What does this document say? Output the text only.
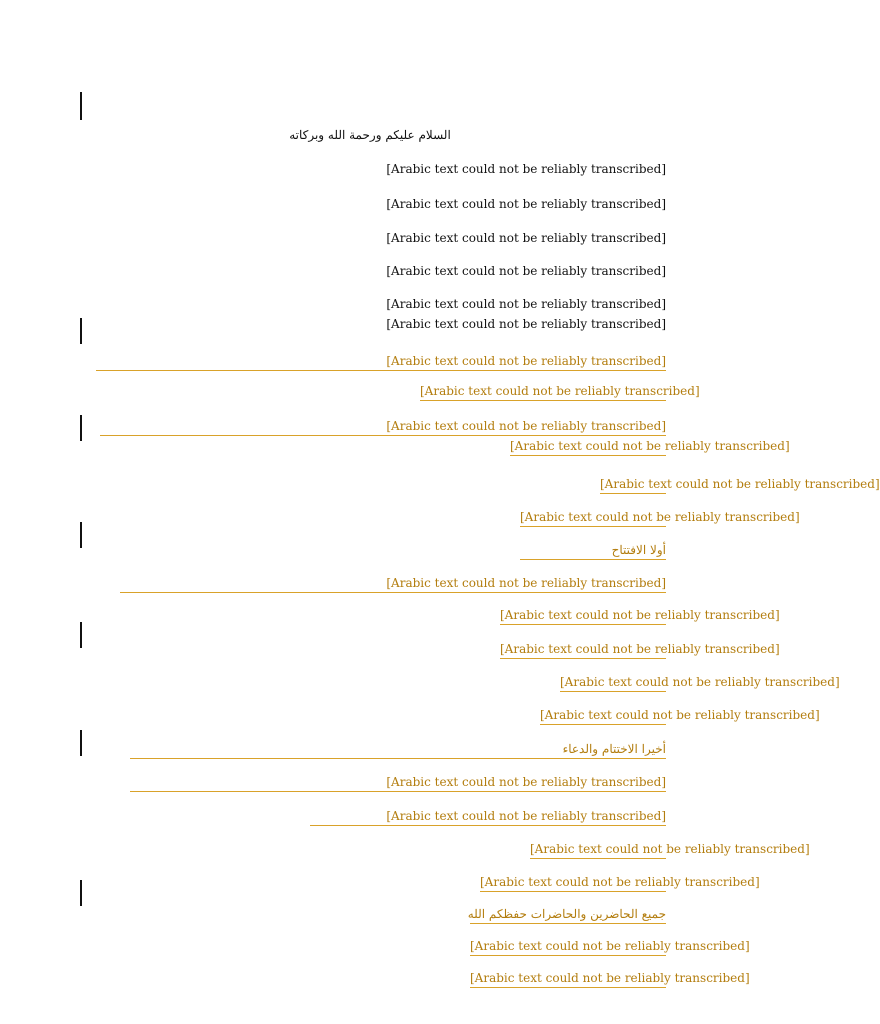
السلام عليكم ورحمة الله وبركاته
[Arabic text could not be reliably transcribed]
[Arabic text could not be reliably transcribed]
[Arabic text could not be reliably transcribed]
[Arabic text could not be reliably transcribed]
[Arabic text could not be reliably transcribed]
[Arabic text could not be reliably transcribed]
[Arabic text could not be reliably transcribed]
[Arabic text could not be reliably transcribed]
[Arabic text could not be reliably transcribed]
[Arabic text could not be reliably transcribed]
[Arabic text could not be reliably transcribed]
[Arabic text could not be reliably transcribed]
أولا الافتتاح
[Arabic text could not be reliably transcribed]
[Arabic text could not be reliably transcribed]
[Arabic text could not be reliably transcribed]
[Arabic text could not be reliably transcribed]
[Arabic text could not be reliably transcribed]
أخيرا الاختتام والدعاء
[Arabic text could not be reliably transcribed]
[Arabic text could not be reliably transcribed]
[Arabic text could not be reliably transcribed]
[Arabic text could not be reliably transcribed]
جميع الحاضرين والحاضرات حفظكم الله
[Arabic text could not be reliably transcribed]
[Arabic text could not be reliably transcribed]
